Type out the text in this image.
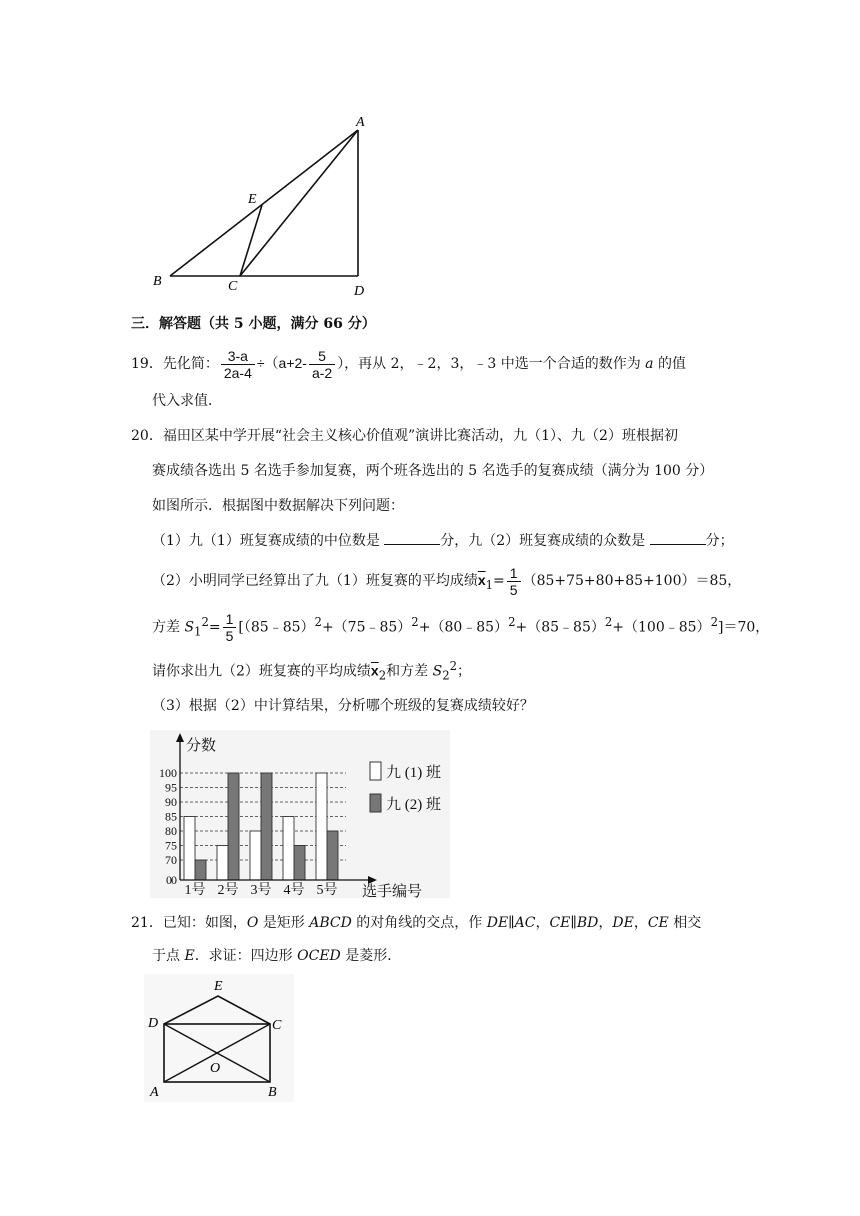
A
E
B	C	D
三．解答题（共 5 小题，满分 66 分）
19．先化简： $\frac{3-a}{2a-4} \div(a+2- \frac{5}{a-2}$ ），再从 2，﹣2，3，﹣3 中选一个合适的数作为 a 的值
代入求值．
20．福田区某中学开展“社会主义核心价值观”演讲比赛活动，九（1）、九（2）班根据初
赛成绩各选出 5 名选手参加复赛，两个班各选出的 5 名选手的复赛成绩（满分为 100 分）
如图所示．根据图中数据解决下列问题：
（1）九（1）班复赛成绩的中位数是	分，九（2）班复赛成绩的众数是	分；
（2）小明同学已经算出了九（1）班复赛的平均成绩$\overline{x}_1= \frac{1}{5} (85+75+80+85+100)=85$，
方差 $S_1^2= \frac{1}{5}$ [（85﹣85）$^2$+（75﹣85）$^2$+（80﹣85）$^2$+（85﹣85）$^2$+（100﹣85）$^2$]＝70，
请你求出九（2）班复赛的平均成绩$\overline{x}_2$和方差 $S_2^2$；
（3）根据（2）中计算结果，分析哪个班级的复赛成绩较好？
分数
选手编号
0 0
70
75
80
85
90
95
100
1号 2号 3号 4号 5号
九 (1) 班
九 (2) 班
21．已知：如图，O 是矩形 ABCD 的对角线的交点，作 DE∥AC，CE∥BD，DE，CE 相交
于点 E．求证：四边形 OCED 是菱形．
E
D	C
O
A	B
